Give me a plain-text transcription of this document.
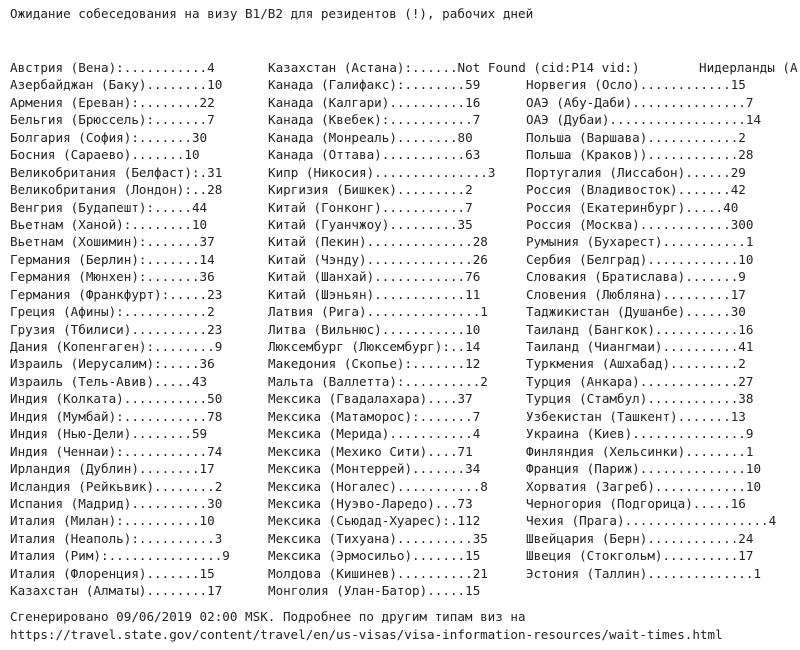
Ожидание собеседования на визу B1/B2 для резидентов (!), рабочих дней
Австрия (Вена):...........4
Азербайджан (Баку)........10
Армения (Ереван):........22
Бельгия (Брюссель):.......7
Болгария (София):.......30
Босния (Сараево).......10
Великобритания (Белфаст):.31
Великобритания (Лондон):..28
Венгрия (Будапешт):.....44
Вьетнам (Ханой):........10
Вьетнам (Хошимин):.......37
Германия (Берлин):.......14
Германия (Мюнхен):.......36
Германия (Франкфурт):.....23
Греция (Афины):...........2
Грузия (Тбилиси)..........23
Дания (Копенгаген):........9
Израиль (Иерусалим):.....36
Израиль (Тель-Авив).....43
Индия (Колката)...........50
Индия (Мумбай):...........78
Индия (Нью-Дели)........59
Индия (Ченнаи):...........74
Ирландия (Дублин)........17
Исландия (Рейкьвик)........2
Испания (Мадрид)..........30
Италия (Милан):..........10
Италия (Неаполь):..........3
Италия (Рим):...............9
Италия (Флоренция).......15
Казахстан (Алматы)........17
Казахстан (Астана):......Not Found (cid:P14 vid:)
Канада (Галифакс):........59
Канада (Калгари)..........16
Канада (Квебек):...........7
Канада (Монреаль)........80
Канада (Оттава)...........63
Кипр (Никосия)...............3
Киргизия (Бишкек).........2
Китай (Гонконг)...........7
Китай (Гуанчжоу).........35
Китай (Пекин)..............28
Китай (Чэнду)..............26
Китай (Шанхай)............76
Китай (Шэньян)............11
Латвия (Рига)...............1
Литва (Вильнюс)...........10
Люксембург (Люксембург):..14
Македония (Скопье):.......12
Мальта (Валлетта):..........2
Мексика (Гвадалахара)....37
Мексика (Матаморос):.......7
Мексика (Мерида)...........4
Мексика (Мехико Сити)....71
Мексика (Монтеррей).......34
Мексика (Ногалес)...........8
Мексика (Нуэво-Ларедо)...73
Мексика (Сьюдад-Хуарес):.112
Мексика (Тихуана)..........35
Мексика (Эрмосильо).......15
Молдова (Кишинев)..........21
Монголия (Улан-Батор).....15
Норвегия (Осло)............15
ОАЭ (Абу-Даби)...............7
ОАЭ (Дубаи)..................14
Польша (Варшава)............2
Польша (Краков))............28
Португалия (Лиссабон)......29
Россия (Владивосток).......42
Россия (Екатеринбург).....40
Россия (Москва)............300
Румыния (Бухарест)...........1
Сербия (Белград)............10
Словакия (Братислава).......9
Словения (Любляна).........17
Таджикистан (Душанбе)......30
Таиланд (Бангкок)...........16
Таиланд (Чиангмаи)..........41
Туркмения (Ашхабад).........2
Турция (Анкара).............27
Турция (Стамбул)............38
Узбекистан (Ташкент).......13
Украина (Киев)...............9
Финляндия (Хельсинки)........1
Франция (Париж)..............10
Хорватия (Загреб)............10
Черногория (Подгорица).....16
Чехия (Прага)...................4
Швейцария (Берн)............24
Швеция (Стокгольм)..........17
Эстония (Таллин)..............1
Нидерланды (А
Сгенерировано 09/06/2019 02:00 MSK. Подробнее по другим типам виз на
https://travel.state.gov/content/travel/en/us-visas/visa-information-resources/wait-times.html
